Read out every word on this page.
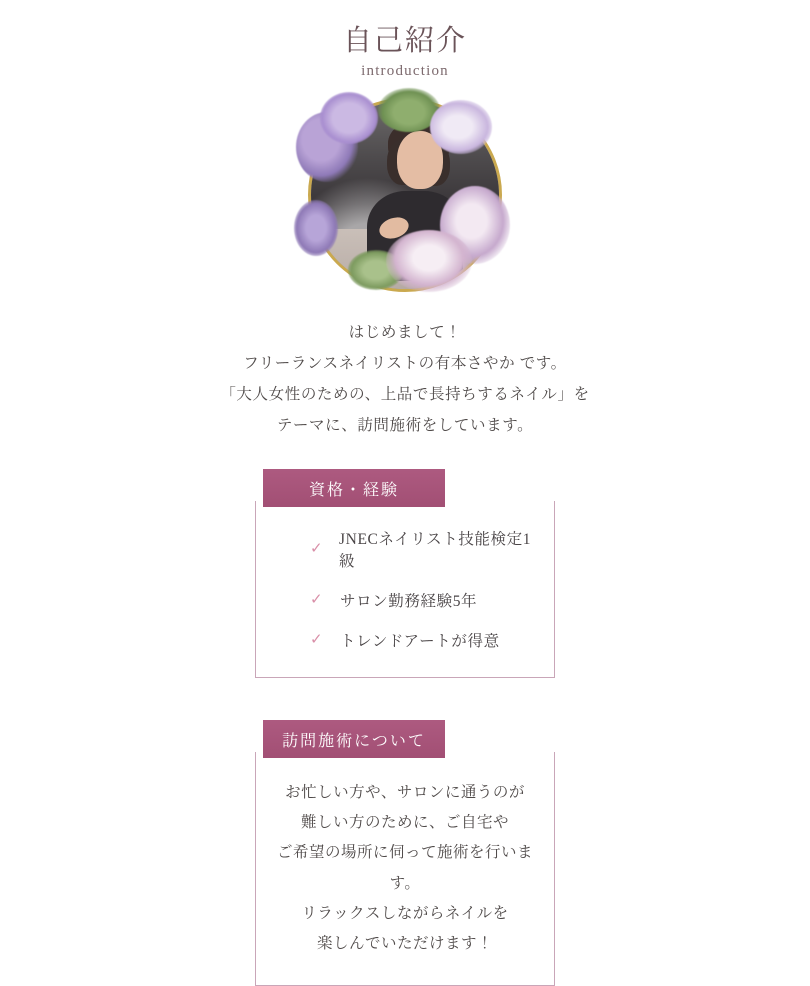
自己紹介
introduction
はじめまして！
フリーランスネイリストの有本さやか です。
「大人女性のための、上品で長持ちするネイル」を
テーマに、訪問施術をしています。
資格・経験
✓
JNECネイリスト技能検定1級
✓	サロン勤務経験5年
✓	トレンドアートが得意
訪問施術について
お忙しい方や、サロンに通うのが
難しい方のために、ご自宅や
ご希望の場所に伺って施術を行います。
リラックスしながらネイルを
楽しんでいただけます！
